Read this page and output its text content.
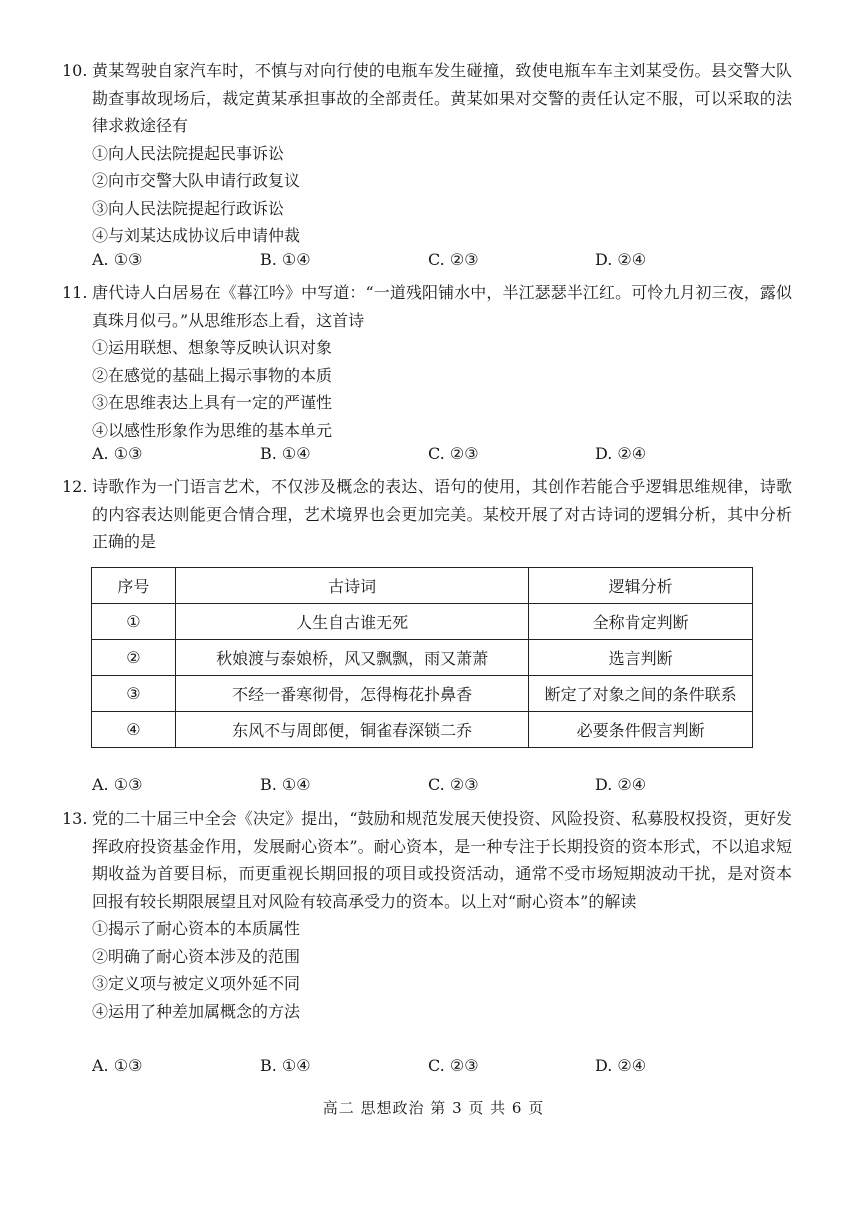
10. 黄某驾驶自家汽车时，不慎与对向行使的电瓶车发生碰撞，致使电瓶车车主刘某受伤。县交警大队勘查事故现场后，裁定黄某承担事故的全部责任。黄某如果对交警的责任认定不服，可以采取的法律求救途径有
①向人民法院提起民事诉讼
②向市交警大队申请行政复议
③向人民法院提起行政诉讼
④与刘某达成协议后申请仲裁
A. ①③	B. ①④	C. ②③	D. ②④
11. 唐代诗人白居易在《暮江吟》中写道：“一道残阳铺水中，半江瑟瑟半江红。可怜九月初三夜，露似真珠月似弓。”从思维形态上看，这首诗
①运用联想、想象等反映认识对象
②在感觉的基础上揭示事物的本质
③在思维表达上具有一定的严谨性
④以感性形象作为思维的基本单元
A. ①③	B. ①④	C. ②③	D. ②④
12. 诗歌作为一门语言艺术，不仅涉及概念的表达、语句的使用，其创作若能合乎逻辑思维规律，诗歌的内容表达则能更合情合理，艺术境界也会更加完美。某校开展了对古诗词的逻辑分析，其中分析正确的是
序号	古诗词	逻辑分析
①	人生自古谁无死	全称肯定判断
②	秋娘渡与泰娘桥，风又飘飘，雨又萧萧	选言判断
③	不经一番寒彻骨，怎得梅花扑鼻香	断定了对象之间的条件联系
④	东风不与周郎便，铜雀春深锁二乔	必要条件假言判断
A. ①③	B. ①④	C. ②③	D. ②④
13. 党的二十届三中全会《决定》提出，“鼓励和规范发展天使投资、风险投资、私募股权投资，更好发挥政府投资基金作用，发展耐心资本”。耐心资本，是一种专注于长期投资的资本形式，不以追求短期收益为首要目标，而更重视长期回报的项目或投资活动，通常不受市场短期波动干扰，是对资本回报有较长期限展望且对风险有较高承受力的资本。以上对“耐心资本”的解读
①揭示了耐心资本的本质属性
②明确了耐心资本涉及的范围
③定义项与被定义项外延不同
④运用了种差加属概念的方法
A. ①③	B. ①④	C. ②③	D. ②④
高二 思想政治 第 3 页 共 6 页
